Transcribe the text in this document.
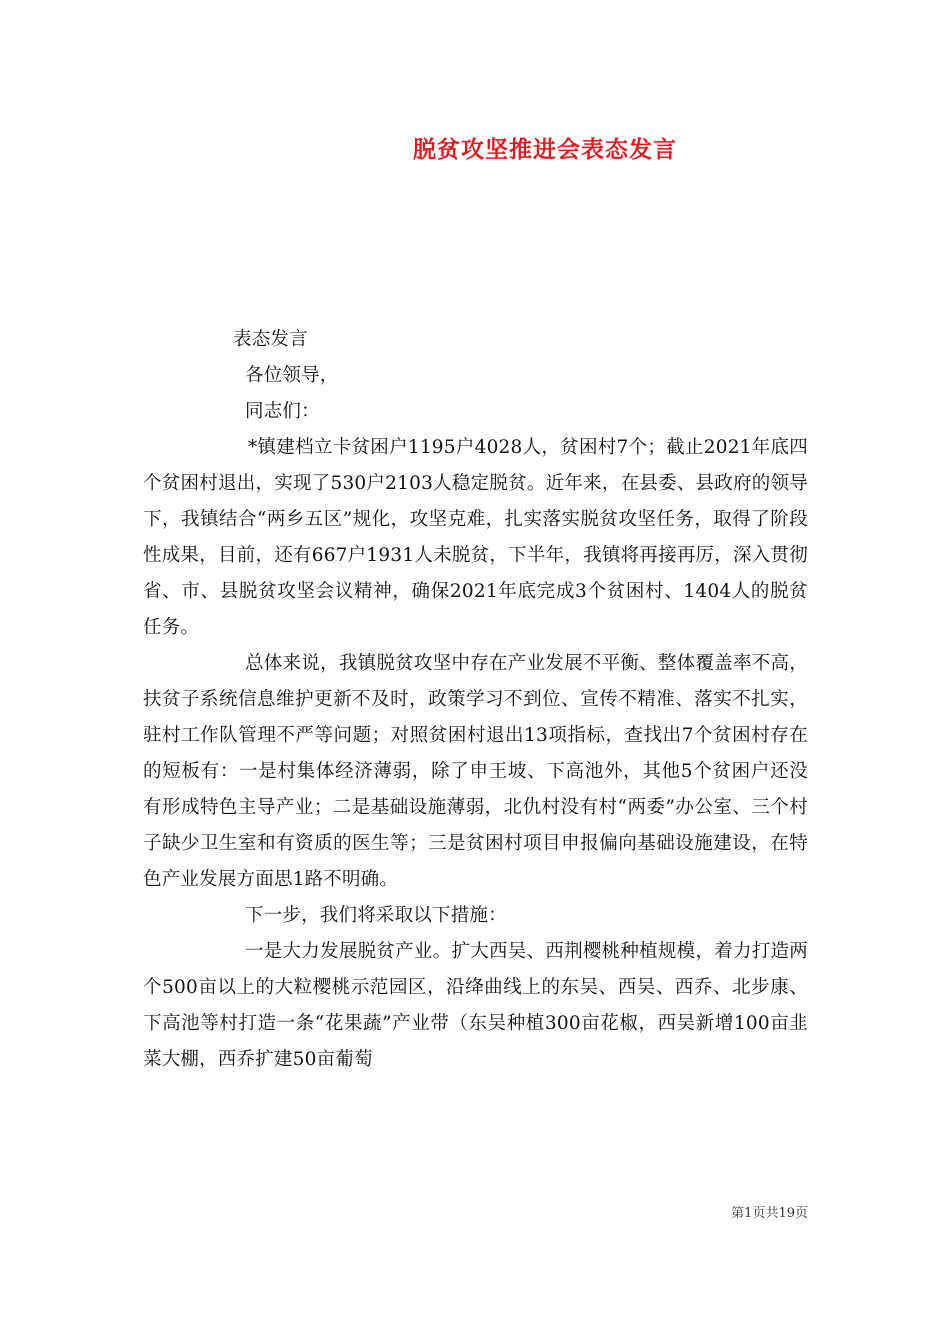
脱贫攻坚推进会表态发言

表态发言

各位领导，

同志们：

*镇建档立卡贫困户1195户4028人，贫困村7个；截止2021年底四个贫困村退出，实现了530户2103人稳定脱贫。近年来，在县委、县政府的领导下，我镇结合“两乡五区”规化，攻坚克难，扎实落实脱贫攻坚任务，取得了阶段性成果，目前，还有667户1931人未脱贫，下半年，我镇将再接再厉，深入贯彻省、市、县脱贫攻坚会议精神，确保2021年底完成3个贫困村、1404人的脱贫任务。

总体来说，我镇脱贫攻坚中存在产业发展不平衡、整体覆盖率不高，扶贫子系统信息维护更新不及时，政策学习不到位、宣传不精准、落实不扎实，驻村工作队管理不严等问题；对照贫困村退出13项指标，查找出7个贫困村存在的短板有：一是村集体经济薄弱，除了申王坡、下高池外，其他5个贫困户还没有形成特色主导产业；二是基础设施薄弱，北仇村没有村“两委”办公室、三个村子缺少卫生室和有资质的医生等；三是贫困村项目申报偏向基础设施建设，在特色产业发展方面思1路不明确。

下一步，我们将采取以下措施：

一是大力发展脱贫产业。扩大西吴、西荆樱桃种植规模，着力打造两个500亩以上的大粒樱桃示范园区，沿绛曲线上的东吴、西吴、西乔、北步康、下高池等村打造一条“花果蔬”产业带（东吴种植300亩花椒，西吴新增100亩韭菜大棚，西乔扩建50亩葡萄

第1页共19页
